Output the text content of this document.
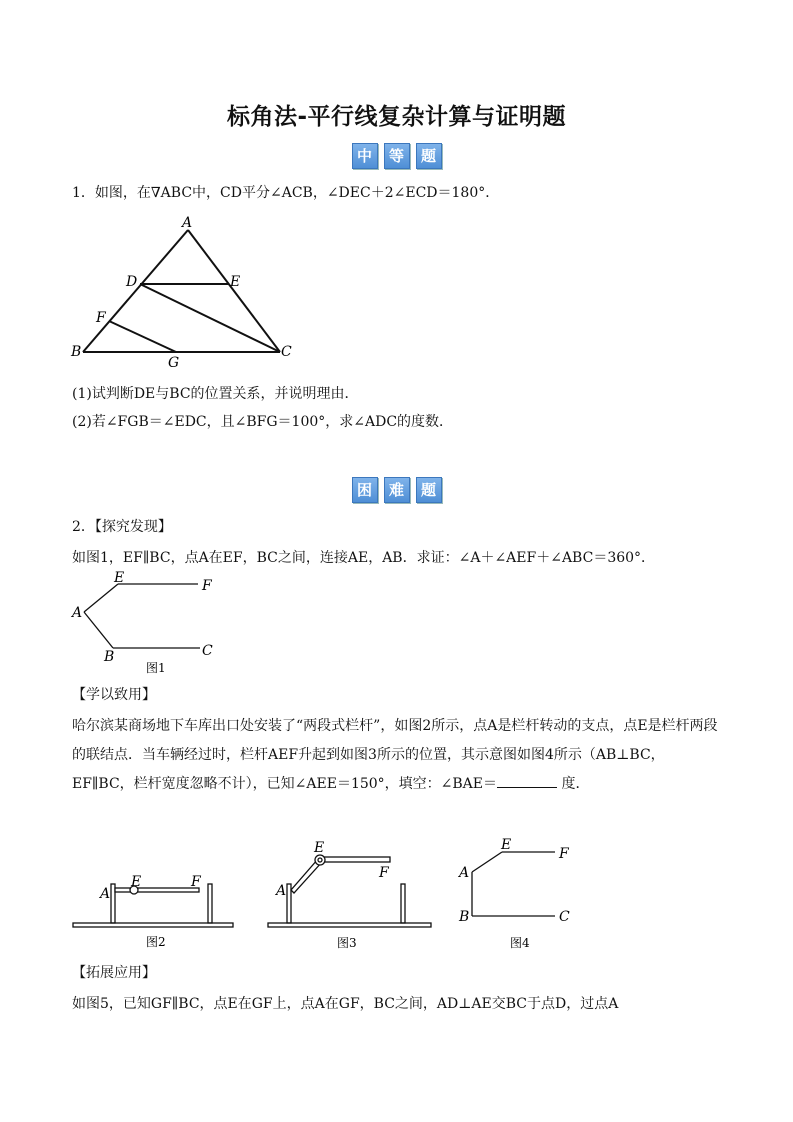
标角法-平行线复杂计算与证明题
中 等 题
1．如图，在∇ABC中，CD平分∠ACB，∠DEC＋2∠ECD＝180°．
A
D	E
F
B
G
C
(1)试判断DE与BC的位置关系，并说明理由．
(2)若∠FGB＝∠EDC，且∠BFG＝100°，求∠ADC的度数．
困 难 题
2．【探究发现】
如图1，EF∥BC，点A在EF，BC之间，连接AE，AB．求证：∠A＋∠AEF＋∠ABC＝360°．
E	F
A
B	C
图1
【学以致用】
哈尔滨某商场地下车库出口处安装了“两段式栏杆”，如图2所示，点A是栏杆转动的支点，点E是栏杆两段的联结点．当车辆经过时，栏杆AEF升起到如图3所示的位置，其示意图如图4所示（AB⊥BC，EF∥BC，栏杆宽度忽略不计），已知∠AEE＝150°，填空：∠BAE＝	度．
A
E	F
图2
A
E
F
图3
A
E
F
B	C
图4
【拓展应用】
如图5，已知GF∥BC，点E在GF上，点A在GF，BC之间，AD⊥AE交BC于点D，过点A
